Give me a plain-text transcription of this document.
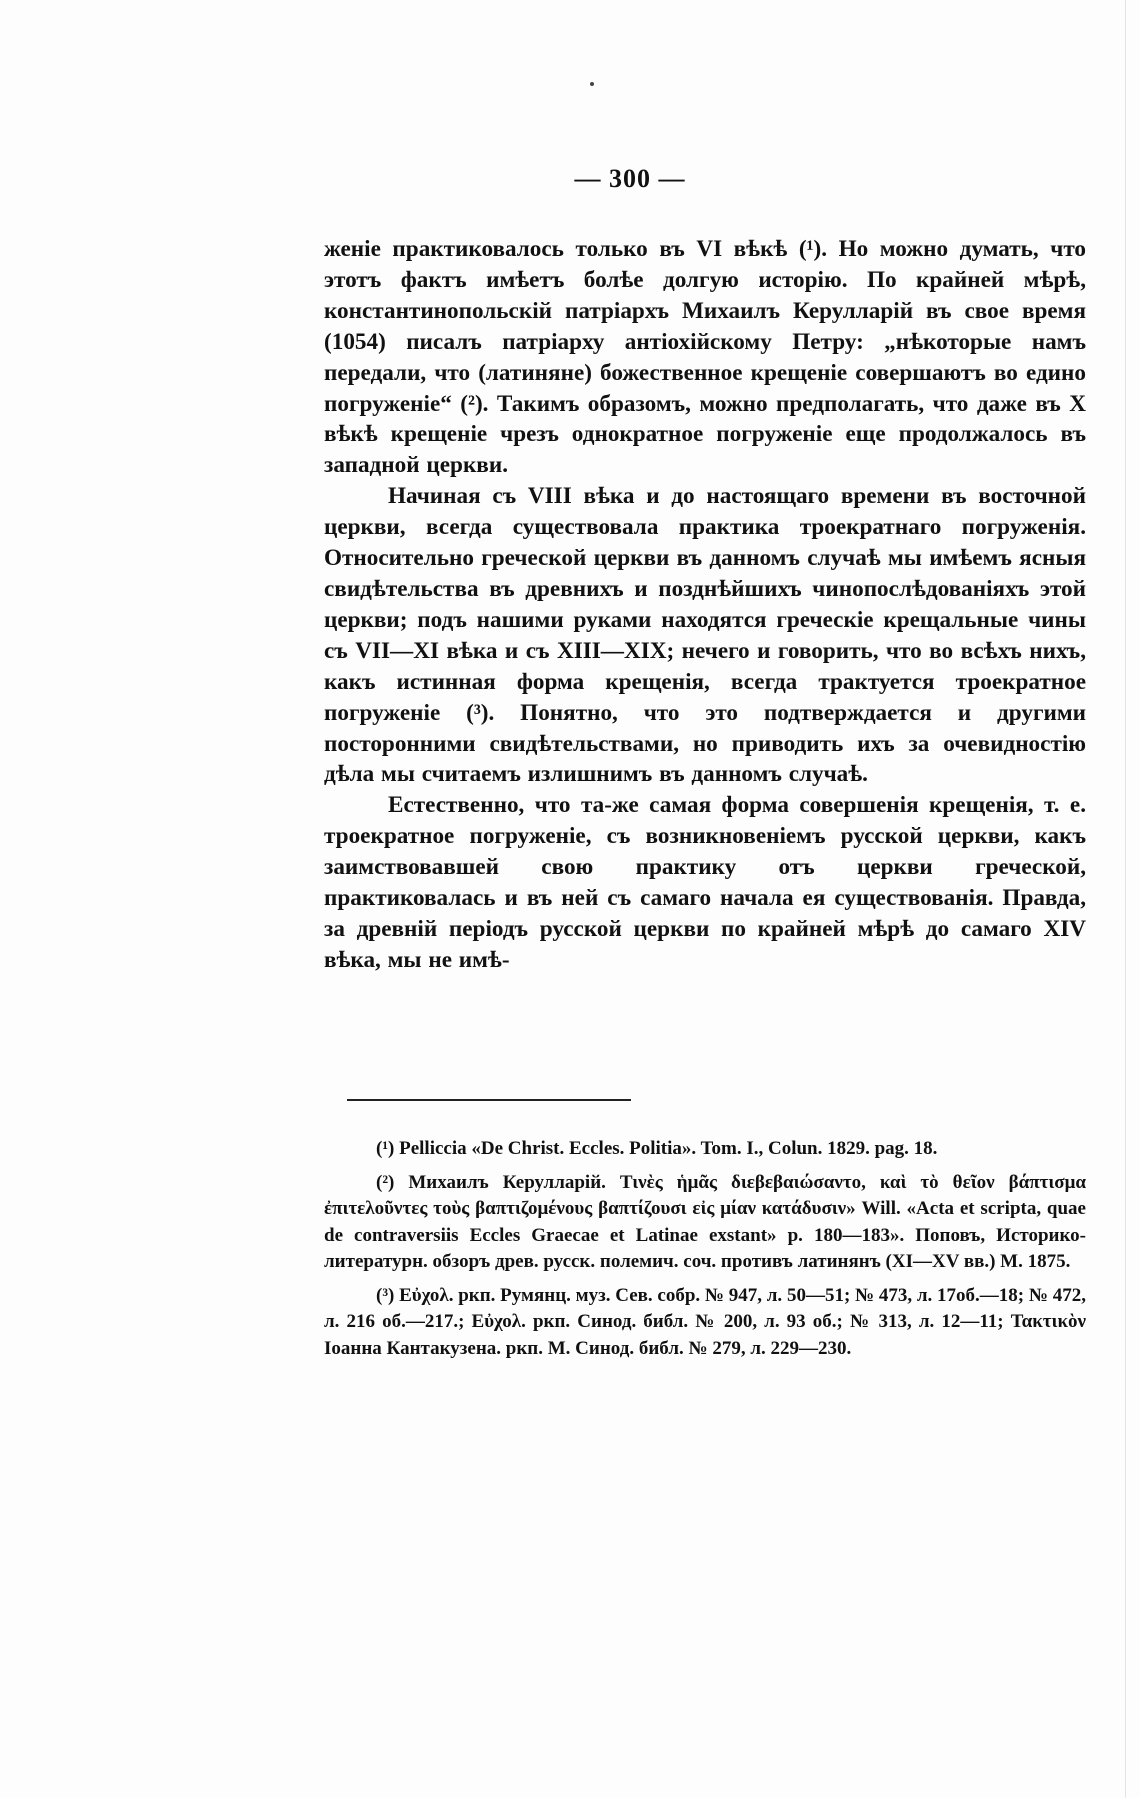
— 300 —

женіе практиковалось только въ VI вѣкѣ (¹). Но можно думать, что этотъ фактъ имѣетъ болѣе долгую исторію. По крайней мѣрѣ, константинопольскій патріархъ Михаилъ Керулларій въ свое время (1054) писалъ патріарху антіохійскому Петру: „нѣкоторые намъ передали, что (латиняне) божественное крещеніе совершаютъ во едино погруженіе“ (²). Такимъ образомъ, можно предполагать, что даже въ X вѣкѣ крещеніе чрезъ однократное погруженіе еще продолжалось въ западной церкви.

Начиная съ VIII вѣка и до настоящаго времени въ восточной церкви, всегда существовала практика троекратнаго погруженія. Относительно греческой церкви въ данномъ случаѣ мы имѣемъ ясныя свидѣтельства въ древнихъ и позднѣйшихъ чинопослѣдованіяхъ этой церкви; подъ нашими руками находятся греческіе крещальные чины съ VII—XI вѣка и съ XIII—XIX; нечего и говорить, что во всѣхъ нихъ, какъ истинная форма крещенія, всегда трактуется троекратное погруженіе (³). Понятно, что это подтверждается и другими посторонними свидѣтельствами, но приводить ихъ за очевидностію дѣла мы считаемъ излишнимъ въ данномъ случаѣ.

Естественно, что та-же самая форма совершенія крещенія, т. е. троекратное погруженіе, съ возникновеніемъ русской церкви, какъ заимствовавшей свою практику отъ церкви греческой, практиковалась и въ ней съ самаго начала ея существованія. Правда, за древній періодъ русской церкви по крайней мѣрѣ до самаго XIV вѣка, мы не имѣ-

(¹) Pelliccia «De Christ. Eccles. Politia». Tom. I., Colun. 1829. pag. 18.

(²) Михаилъ Керулларій. Τινὲς ἡμᾶς διεβεβαιώσαντο, καὶ τὸ θεῖον βάπτισμα ἐπιτελοῦντες τοὺς βαπτιζομένους βαπτίζουσι εἰς μίαν κατάδυσιν» Will. «Acta et scripta, quae de contraversiis Eccles Graecae et Latinae exstant» p. 180—183». Поповъ, Историко-литературн. обзоръ древ. русск. полемич. соч. противъ латинянъ (XI—XV вв.) М. 1875.

(³) Εὐχολ. ркп. Румянц. муз. Сев. собр. № 947, л. 50—51; № 473, л. 17об.—18; № 472, л. 216 об.—217.; Εὐχολ. ркп. Синод. библ. № 200, л. 93 об.; № 313, л. 12—11; Τακτικὸν Іоанна Кантакузена. ркп. М. Синод. библ. № 279, л. 229—230.
